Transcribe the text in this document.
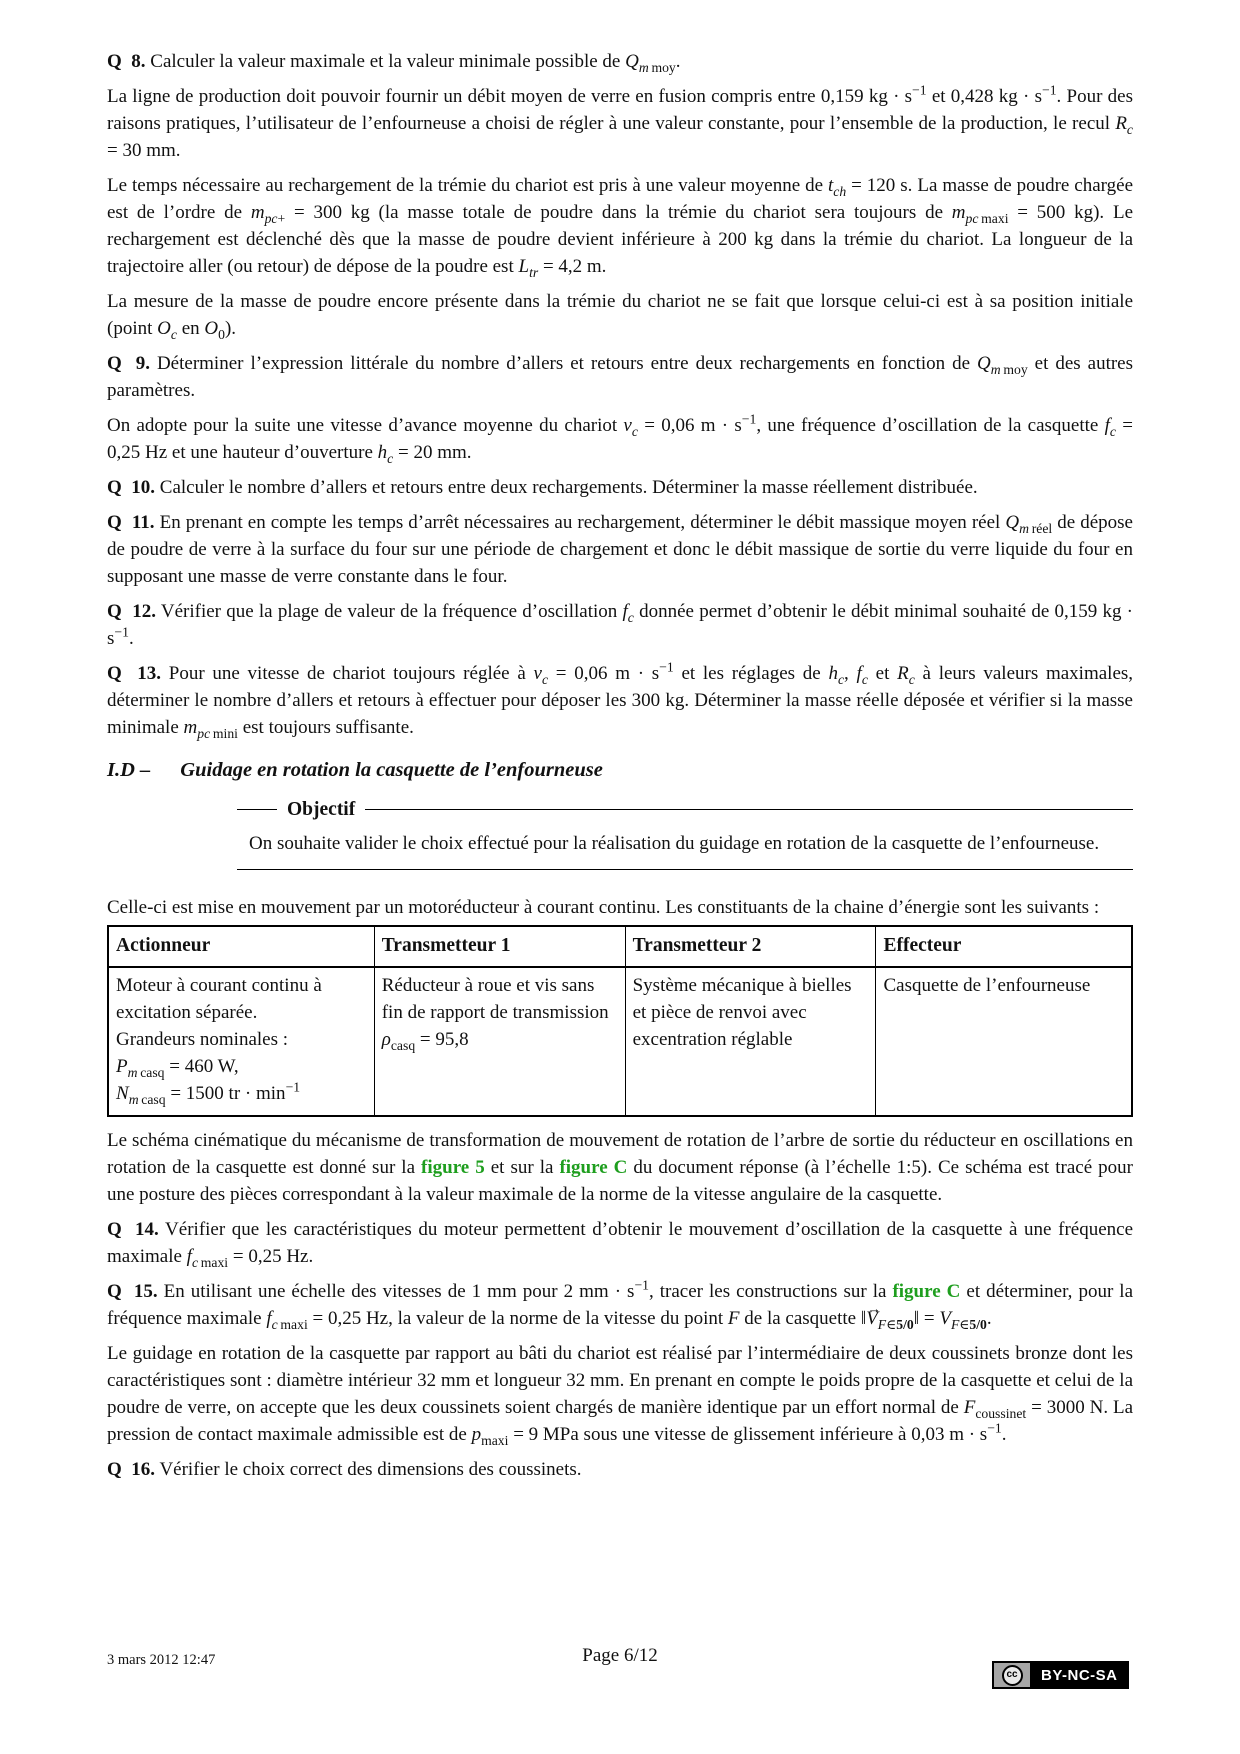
Q  8. Calculer la valeur maximale et la valeur minimale possible de $Q_{m moy}$.

La ligne de production doit pouvoir fournir un débit moyen de verre en fusion compris entre 0,159 kg · $s^{-1}$ et 0,428 kg · $s^{-1}$. Pour des raisons pratiques, l’utilisateur de l’enfourneuse a choisi de régler à une valeur constante, pour l’ensemble de la production, le recul $R_c = 30$ mm.

Le temps nécessaire au rechargement de la trémie du chariot est pris à une valeur moyenne de $t_{ch} = 120$ s. La masse de poudre chargée est de l’ordre de $m_{pc+} = 300$ kg (la masse totale de poudre dans la trémie du chariot sera toujours de $m_{pc maxi} = 500$ kg). Le rechargement est déclenché dès que la masse de poudre devient inférieure à 200 kg dans la trémie du chariot. La longueur de la trajectoire aller (ou retour) de dépose de la poudre est $L_{tr} = 4,2$ m.

La mesure de la masse de poudre encore présente dans la trémie du chariot ne se fait que lorsque celui-ci est à sa position initiale (point $O_c$ en $O_0$).

Q  9. Déterminer l’expression littérale du nombre d’allers et retours entre deux rechargements en fonction de $Q_{m moy}$ et des autres paramètres.

On adopte pour la suite une vitesse d’avance moyenne du chariot $v_c = 0,06$ $m \cdot s^{-1}$, une fréquence d’oscillation de la casquette $f_c = 0,25$ Hz et une hauteur d’ouverture $h_c = 20$ mm.

Q  10. Calculer le nombre d’allers et retours entre deux rechargements. Déterminer la masse réellement distribuée.

Q  11. En prenant en compte les temps d’arrêt nécessaires au rechargement, déterminer le débit massique moyen réel $Q_{m réel}$ de dépose de poudre de verre à la surface du four sur une période de chargement et donc le débit massique de sortie du verre liquide du four en supposant une masse de verre constante dans le four.

Q  12. Vérifier que la plage de valeur de la fréquence d’oscillation $f_c$ donnée permet d’obtenir le débit minimal souhaité de 0,159 kg · $s^{-1}$.

Q  13. Pour une vitesse de chariot toujours réglée à $v_c = 0,06$ $m \cdot s^{-1}$ et les réglages de $h_c$, $f_c$ et $R_c$ à leurs valeurs maximales, déterminer le nombre d’allers et retours à effectuer pour déposer les 300 kg. Déterminer la masse réelle déposée et vérifier si la masse minimale $m_{pc mini}$ est toujours suffisante.

I.D – Guidage en rotation la casquette de l’enfourneuse
Objectif
On souhaite valider le choix effectué pour la réalisation du guidage en rotation de la casquette de l’enfourneuse.

Celle-ci est mise en mouvement par un motoréducteur à courant continu. Les constituants de la chaine d’énergie sont les suivants :

Actionneur	Transmetteur 1	Transmetteur 2	Effecteur
Moteur à courant continu à excitation séparée.
Grandeurs nominales :
$P_{m casq} = 460$ W,
$N_{m casq} = 1500$ tr · $\min^{-1}$	Réducteur à roue et vis sans fin de rapport de transmission $\rho_{casq} = 95,8$	Système mécanique à bielles et pièce de renvoi avec excentration réglable	Casquette de l’enfourneuse

Le schéma cinématique du mécanisme de transformation de mouvement de rotation de l’arbre de sortie du réducteur en oscillations en rotation de la casquette est donné sur la figure 5 et sur la figure C du document réponse (à l’échelle 1:5). Ce schéma est tracé pour une posture des pièces correspondant à la valeur maximale de la norme de la vitesse angulaire de la casquette.

Q  14. Vérifier que les caractéristiques du moteur permettent d’obtenir le mouvement d’oscillation de la casquette à une fréquence maximale $f_{c maxi} = 0,25$ Hz.

Q  15. En utilisant une échelle des vitesses de 1 mm pour 2 mm · $s^{-1}$, tracer les constructions sur la figure C et déterminer, pour la fréquence maximale $f_{c maxi} = 0,25$ Hz, la valeur de la norme de la vitesse du point F de la casquette ‖→ $V_{F\in 5/0}‖ = V_{F\in 5/0}$.

Le guidage en rotation de la casquette par rapport au bâti du chariot est réalisé par l’intermédiaire de deux coussinets bronze dont les caractéristiques sont : diamètre intérieur 32 mm et longueur 32 mm. En prenant en compte le poids propre de la casquette et celui de la poudre de verre, on accepte que les deux coussinets soient chargés de manière identique par un effort normal de $F_{coussinet} = 3000$ N. La pression de contact maximale admissible est de $p_{maxi} = 9$ MPa sous une vitesse de glissement inférieure à 0,03 $m \cdot s^{-1}$.

Q  16. Vérifier le choix correct des dimensions des coussinets.

3 mars 2012 12:47	Page 6/12
cc	BY-NC-SA
